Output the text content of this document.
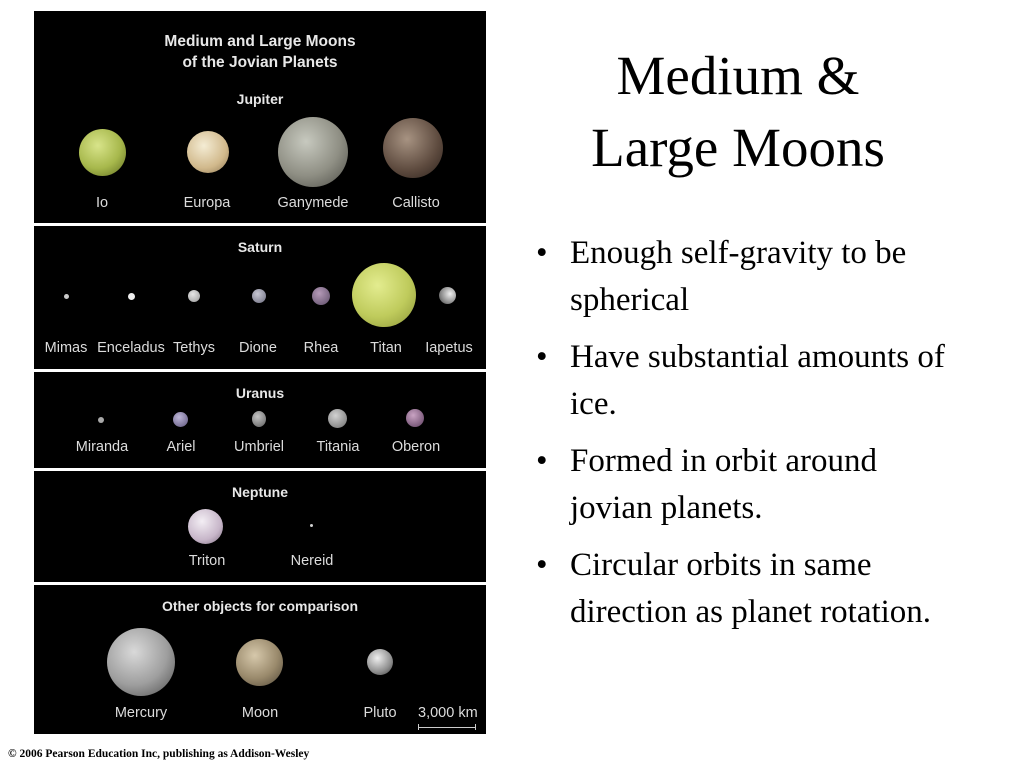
Medium and Large Moons
of the Jovian Planets
Jupiter
Io	Europa	Ganymede	Callisto
Saturn
Mimas Enceladus Tethys Dione Rhea Titan Iapetus
Uranus
Miranda	Ariel	Umbriel Titania Oberon
Neptune
Triton	Nereid
Other objects for comparison
Mercury	Moon	Pluto 3,000 km
Medium &
Large Moons
• Enough self-gravity to be spherical
• Have substantial amounts of ice.
• Formed in orbit around jovian planets.
• Circular orbits in same direction as planet rotation.
© 2006 Pearson Education Inc, publishing as Addison-Wesley
